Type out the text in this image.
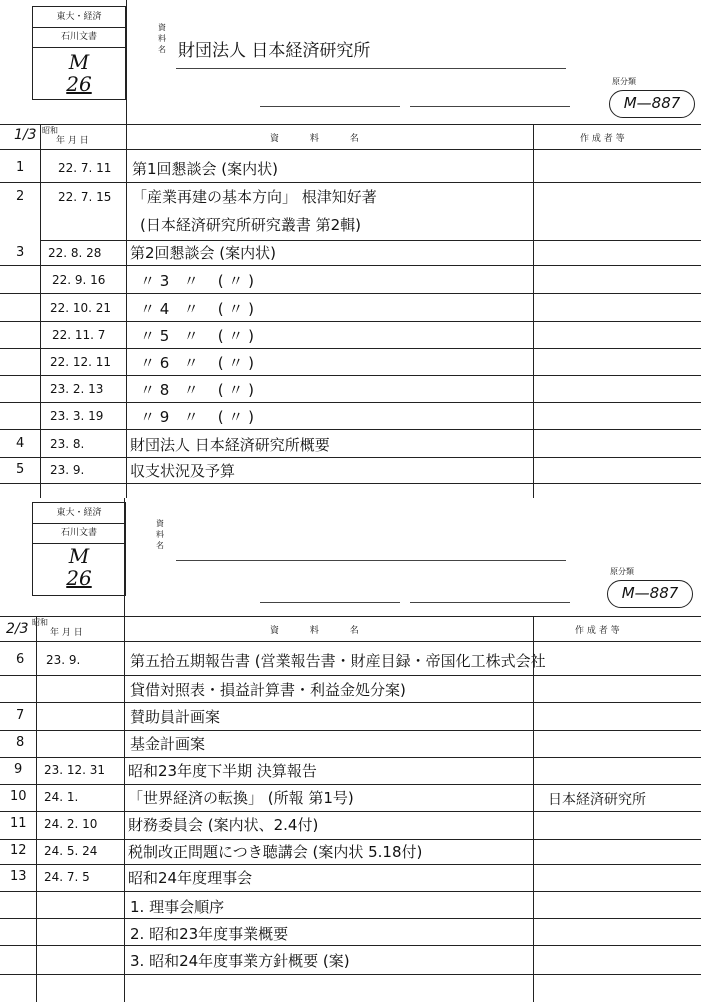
東大・経済
石川文書
M
26
資料名 財団法人 日本経済研究所
原分類
M—887
1/3 昭和
年 月 日	資 料 名	作 成 者 等
1	22. 7. 11 第1回懇談会 (案内状)
2	22. 7. 15 「産業再建の基本方向」 根津知好著
(日本経済研究所研究叢書 第2輯)
3 22. 8. 28 第2回懇談会 (案内状)
22. 9. 16 〃 3   〃    ( 〃 )
22. 10. 21 〃 4   〃    ( 〃 )
22. 11. 7 〃 5   〃    ( 〃 )
22. 12. 11 〃 6   〃    ( 〃 )
23. 2. 13 〃 8   〃    ( 〃 )
23. 3. 19 〃 9   〃    ( 〃 )
4 23. 8.	財団法人 日本経済研究所概要
5 23. 9.	収支状況及予算
東大・経済
石川文書
M
26
資料名
原分類
M—887
2/3 昭和
年 月 日	資 料 名	作 成 者 等
6 23. 9.	第五拾五期報告書 (営業報告書・財産目録・帝国化工株式会社
貸借対照表・損益計算書・利益金処分案)
7	賛助員計画案
8	基金計画案
9 23. 12. 31 昭和23年度下半期 決算報告
10 24. 1.	「世界経済の転換」 (所報 第1号)	日本経済研究所
11 24. 2. 10 財務委員会 (案内状、2.4付)
12 24. 5. 24 税制改正問題につき聴講会 (案内状 5.18付)
13 24. 7. 5	昭和24年度理事会
1. 理事会順序
2. 昭和23年度事業概要
3. 昭和24年度事業方針概要 (案)
